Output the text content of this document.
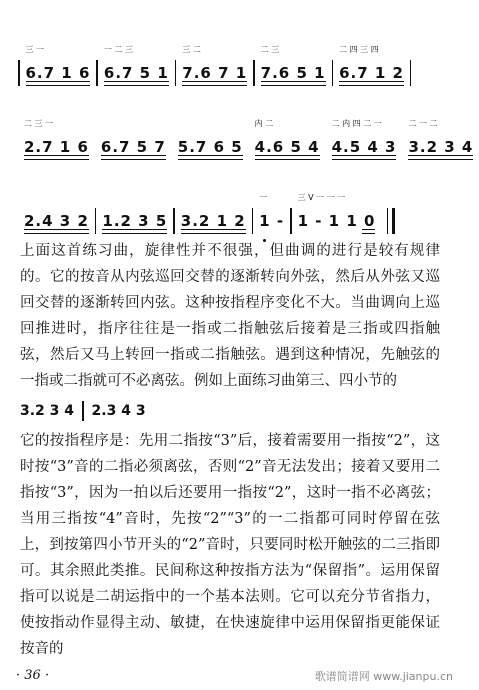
三 一
6.7 1 6
一 二 三
6.7 5 1
三 二
7.6 7 1
二 三
7.6 5 1
二 四 三 四
6.7 1 2
二 三 一
2.7 1 6 6.7 5 7 5.7 6 5
内 二
4.6 5 4
二 内 四 二 一
4.5 4 3
二 一 二
3.2 3 4
2.4 3 2 1.2 3 5 3.2 1 2
一
1 -
三 V 一 一 一
1 - 1 1 0

上面这首练习曲，旋律性并不很强，但曲调的进行是较有规律的。它的按音从内弦巡回交替的逐渐转向外弦，然后从外弦又巡回交替的逐渐转回内弦。这种按指程序变化不大。当曲调向上巡回推进时，指序往往是一指或二指触弦后接着是三指或四指触弦，然后又马上转回一指或二指触弦。遇到这种情况，先触弦的一指或二指就可不必离弦。例如上面练习曲第三、四小节的

3.2 3 4 2.3 4 3

它的按指程序是：先用二指按“3”后，接着需要用一指按“2”，这时按“3”音的二指必须离弦，否则“2”音无法发出；接着又要用二指按“3”，因为一拍以后还要用一指按“2”，这时一指不必离弦；当用三指按“4”音时，先按“2”“3”的一二指都可同时停留在弦上，到按第四小节开头的“2”音时，只要同时松开触弦的二三指即可。其余照此类推。民间称这种按指方法为“保留指”。运用保留指可以说是二胡运指中的一个基本法则。它可以充分节省指力，使按指动作显得主动、敏捷，在快速旋律中运用保留指更能保证按音的

· 36 ·	歌谱简谱网 www.jianpu.cn
